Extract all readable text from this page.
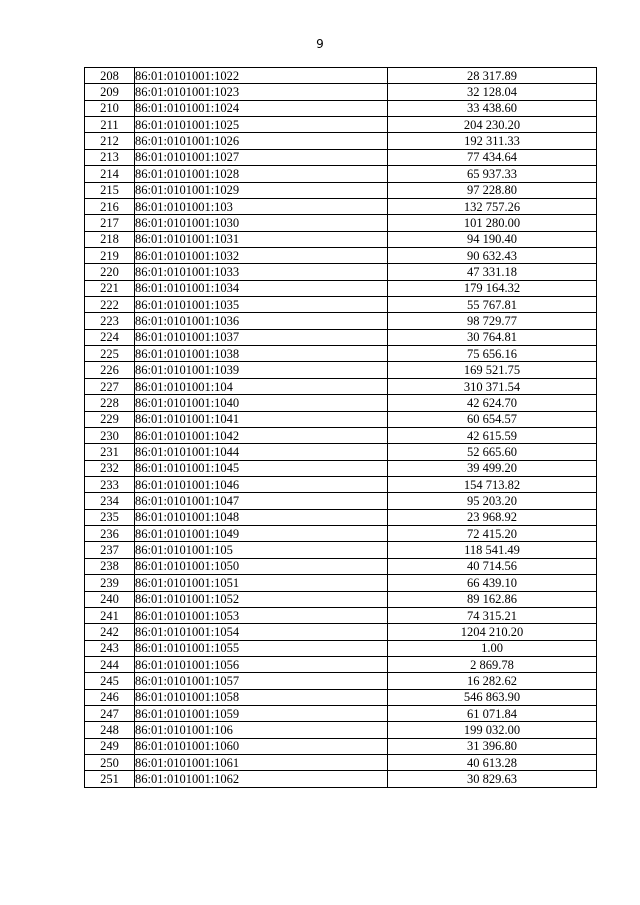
9
208	86:01:0101001:1022	28 317.89
209	86:01:0101001:1023	32 128.04
210	86:01:0101001:1024	33 438.60
211	86:01:0101001:1025	204 230.20
212	86:01:0101001:1026	192 311.33
213	86:01:0101001:1027	77 434.64
214	86:01:0101001:1028	65 937.33
215	86:01:0101001:1029	97 228.80
216	86:01:0101001:103	132 757.26
217	86:01:0101001:1030	101 280.00
218	86:01:0101001:1031	94 190.40
219	86:01:0101001:1032	90 632.43
220	86:01:0101001:1033	47 331.18
221	86:01:0101001:1034	179 164.32
222	86:01:0101001:1035	55 767.81
223	86:01:0101001:1036	98 729.77
224	86:01:0101001:1037	30 764.81
225	86:01:0101001:1038	75 656.16
226	86:01:0101001:1039	169 521.75
227	86:01:0101001:104	310 371.54
228	86:01:0101001:1040	42 624.70
229	86:01:0101001:1041	60 654.57
230	86:01:0101001:1042	42 615.59
231	86:01:0101001:1044	52 665.60
232	86:01:0101001:1045	39 499.20
233	86:01:0101001:1046	154 713.82
234	86:01:0101001:1047	95 203.20
235	86:01:0101001:1048	23 968.92
236	86:01:0101001:1049	72 415.20
237	86:01:0101001:105	118 541.49
238	86:01:0101001:1050	40 714.56
239	86:01:0101001:1051	66 439.10
240	86:01:0101001:1052	89 162.86
241	86:01:0101001:1053	74 315.21
242	86:01:0101001:1054	1204 210.20
243	86:01:0101001:1055	1.00
244	86:01:0101001:1056	2 869.78
245	86:01:0101001:1057	16 282.62
246	86:01:0101001:1058	546 863.90
247	86:01:0101001:1059	61 071.84
248	86:01:0101001:106	199 032.00
249	86:01:0101001:1060	31 396.80
250	86:01:0101001:1061	40 613.28
251	86:01:0101001:1062	30 829.63
